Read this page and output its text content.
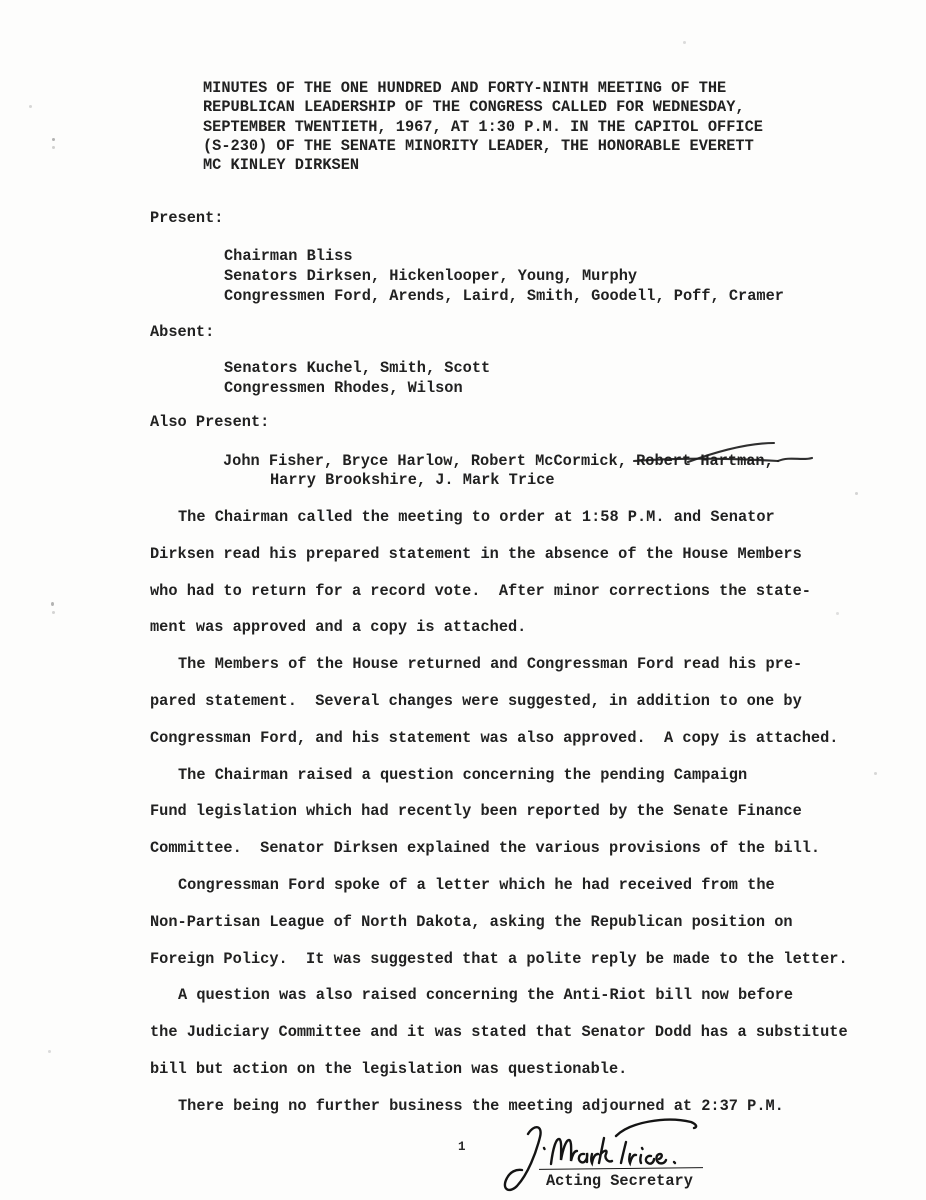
MINUTES OF THE ONE HUNDRED AND FORTY-NINTH MEETING OF THE
REPUBLICAN LEADERSHIP OF THE CONGRESS CALLED FOR WEDNESDAY,
SEPTEMBER TWENTIETH, 1967, AT 1:30 P.M. IN THE CAPITOL OFFICE
(S-230) OF THE SENATE MINORITY LEADER, THE HONORABLE EVERETT
MC KINLEY DIRKSEN
Present:
Chairman Bliss
Senators Dirksen, Hickenlooper, Young, Murphy
Congressmen Ford, Arends, Laird, Smith, Goodell, Poff, Cramer
Absent:
Senators Kuchel, Smith, Scott
Congressmen Rhodes, Wilson
Also Present:
John Fisher, Bryce Harlow, Robert McCormick, Robert Hartman,
Harry Brookshire, J. Mark Trice
The Chairman called the meeting to order at 1:58 P.M. and Senator
Dirksen read his prepared statement in the absence of the House Members
who had to return for a record vote.  After minor corrections the state-
ment was approved and a copy is attached.
The Members of the House returned and Congressman Ford read his pre-
pared statement.  Several changes were suggested, in addition to one by
Congressman Ford, and his statement was also approved.  A copy is attached.
The Chairman raised a question concerning the pending Campaign
Fund legislation which had recently been reported by the Senate Finance
Committee.  Senator Dirksen explained the various provisions of the bill.
Congressman Ford spoke of a letter which he had received from the
Non-Partisan League of North Dakota, asking the Republican position on
Foreign Policy.  It was suggested that a polite reply be made to the letter.
A question was also raised concerning the Anti-Riot bill now before
the Judiciary Committee and it was stated that Senator Dodd has a substitute
bill but action on the legislation was questionable.
There being no further business the meeting adjourned at 2:37 P.M.
1
Acting Secretary
